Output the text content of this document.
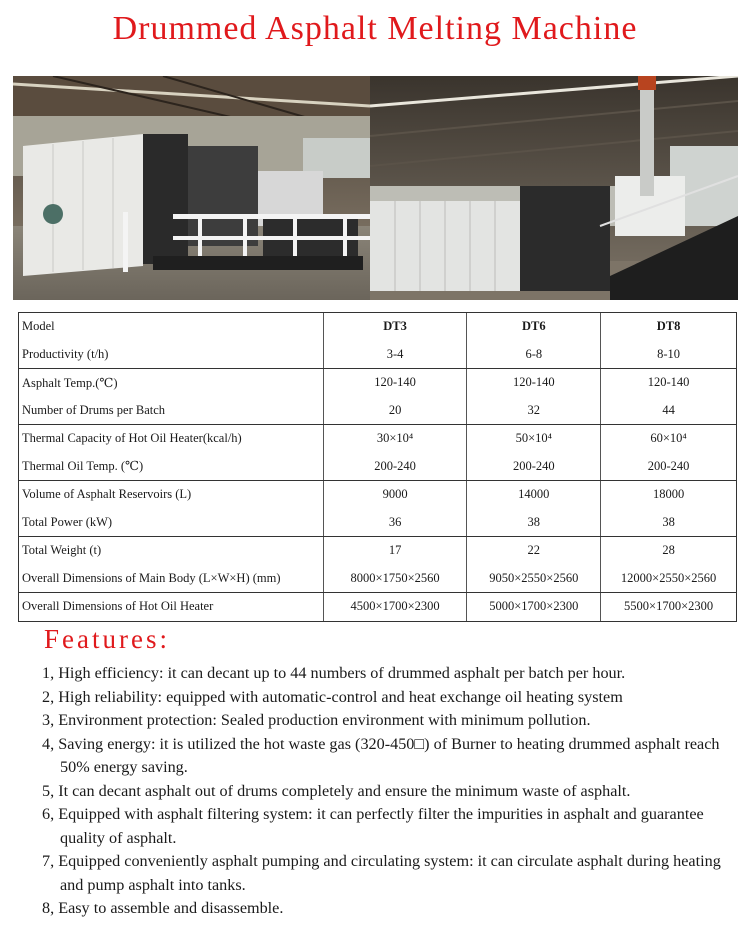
Drummed Asphalt Melting Machine
Model	DT3	DT6	DT8
Productivity (t/h)	3-4	6-8	8-10
Asphalt Temp.(℃)	120-140	120-140	120-140
Number of Drums per Batch	20	32	44
Thermal Capacity of Hot Oil Heater(kcal/h)	30×10⁴	50×10⁴	60×10⁴
Thermal Oil Temp. (℃)	200-240	200-240	200-240
Volume of Asphalt Reservoirs (L)	9000	14000	18000
Total Power (kW)	36	38	38
Total Weight (t)	17	22	28
Overall Dimensions of Main Body (L×W×H) (mm)	8000×1750×2560	9050×2550×2560	12000×2550×2560
Overall Dimensions of Hot Oil Heater	4500×1700×2300	5000×1700×2300	5500×1700×2300
Features:
1, High efficiency: it can decant up to 44 numbers of drummed asphalt per batch per hour.
2, High reliability: equipped with automatic-control and heat exchange oil heating system
3, Environment protection: Sealed production environment with minimum pollution.
4, Saving energy: it is utilized the hot waste gas (320-450□) of Burner to heating drummed asphalt reach 50% energy saving.
5, It can decant asphalt out of drums completely and ensure the minimum waste of asphalt.
6, Equipped with asphalt filtering system: it can perfectly filter the impurities in asphalt and guarantee quality of asphalt.
7, Equipped conveniently asphalt pumping and circulating system: it can circulate asphalt during heating and pump asphalt into tanks.
8, Easy to assemble and disassemble.
